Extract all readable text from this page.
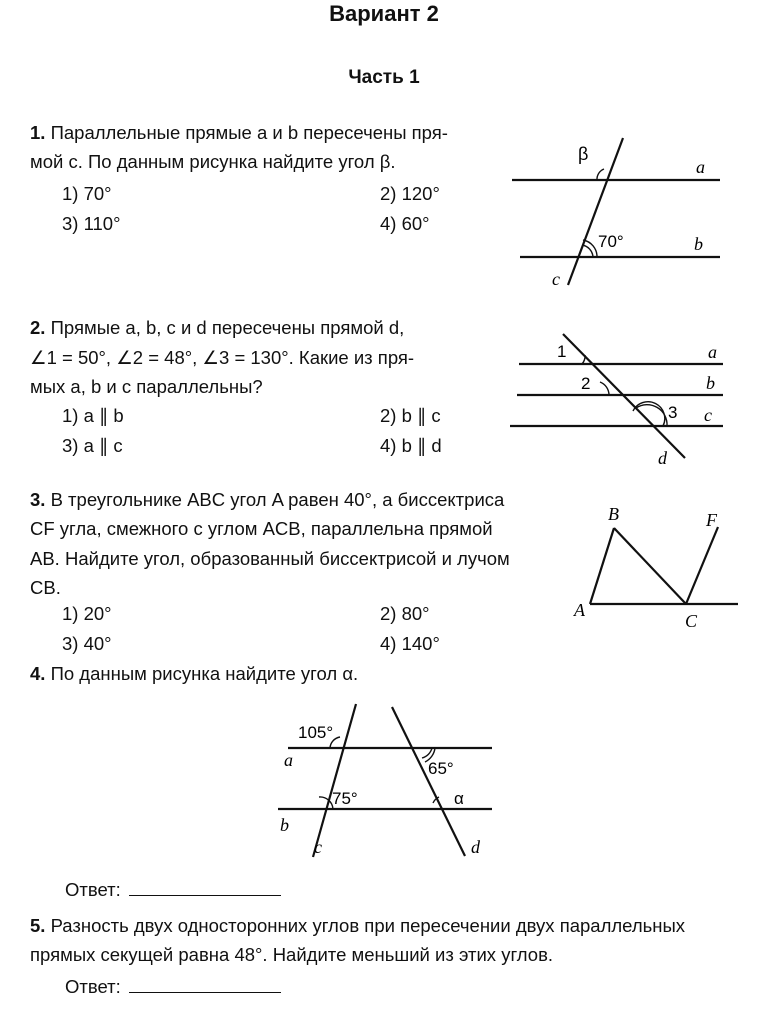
Вариант 2
Часть 1
1. Параллельные прямые a и b пересечены пря-
мой c. По данным рисунка найдите угол β.
1) 70°	2) 120°
3) 110°	4) 60°
β
70°
a
b
c
2. Прямые a, b, c и d пересечены прямой d,
∠1 = 50°, ∠2 = 48°, ∠3 = 130°. Какие из пря-
мых a, b и c параллельны?
1) a ∥ b	2) b ∥ c
3) a ∥ c	4) b ∥ d
1
2
3
a
b
c
d
3. В треугольнике ABC угол A равен 40°, а биссектриса
CF угла, смежного с углом ACB, параллельна прямой
AB. Найдите угол, образованный биссектрисой и лучом
CB.
1) 20°	2) 80°
3) 40°	4) 140°
A
B
C
F
4. По данным рисунка найдите угол α.
105°
65°
75°	α
a
b
c	d
Ответ:
5. Разность двух односторонних углов при пересечении двух параллельных
прямых секущей равна 48°. Найдите меньший из этих углов.
Ответ:
